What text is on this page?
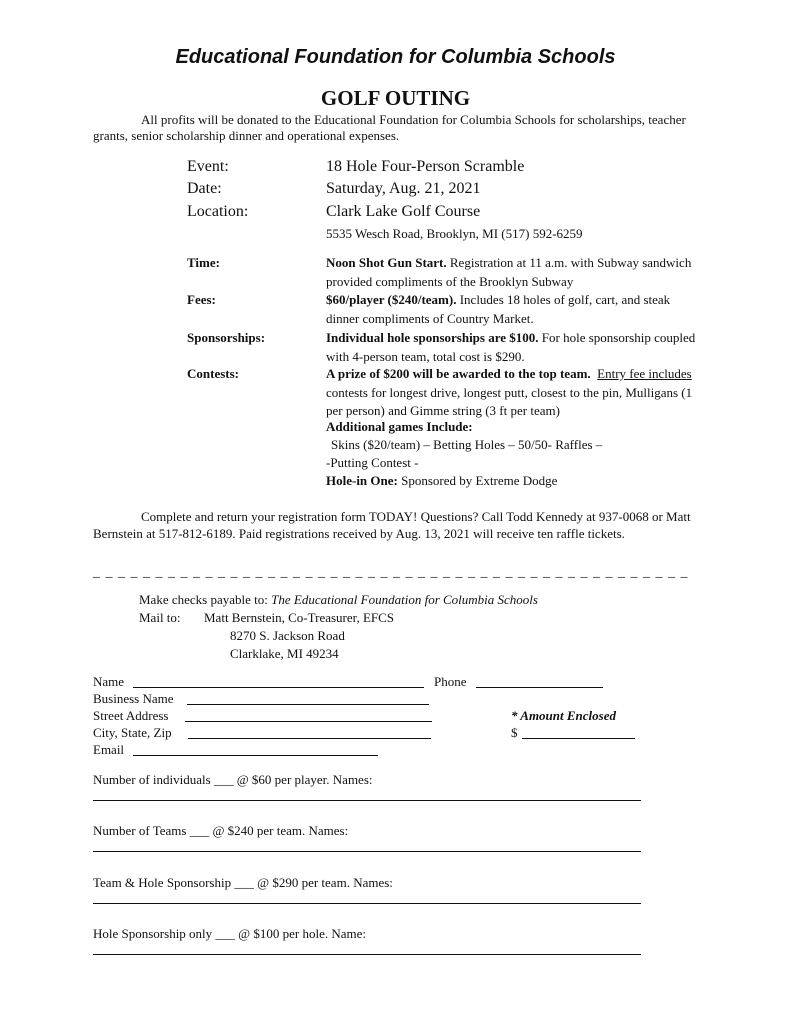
Educational Foundation for Columbia Schools
GOLF OUTING
All profits will be donated to the Educational Foundation for Columbia Schools for scholarships, teacher grants, senior scholarship dinner and operational expenses.
Event:	18 Hole Four-Person Scramble
Date:	Saturday, Aug. 21, 2021
Location:	Clark Lake Golf Course
5535 Wesch Road, Brooklyn, MI (517) 592-6259
Time:	Noon Shot Gun Start. Registration at 11 a.m. with Subway sandwich provided compliments of the Brooklyn Subway
Fees:	$60/player ($240/team). Includes 18 holes of golf, cart, and steak dinner compliments of Country Market.
Sponsorships:	Individual hole sponsorships are $100. For hole sponsorship coupled with 4-person team, total cost is $290.
Contests:	A prize of $200 will be awarded to the top team. Entry fee includes contests for longest drive, longest putt, closest to the pin, Mulligans (1 per person) and Gimme string (3 ft per team)
Additional games Include:
Skins ($20/team) – Betting Holes – 50/50- Raffles –
-Putting Contest -
Hole-in One: Sponsored by Extreme Dodge
Complete and return your registration form TODAY! Questions? Call Todd Kennedy at 937-0068 or Matt Bernstein at 517-812-6189. Paid registrations received by Aug. 13, 2021 will receive ten raffle tickets.
_ _ _ _ _ _ _ _ _ _ _ _ _ _ _ _ _ _ _ _ _ _ _ _ _ _ _ _ _ _ _ _ _ _ _ _ _ _ _ _ _ _ _ _ _ _ _ _
Make checks payable to: The Educational Foundation for Columbia Schools
Mail to: Matt Bernstein, Co-Treasurer, EFCS
8270 S. Jackson Road
Clarklake, MI 49234
Name	Phone
Business Name
Street Address	* Amount Enclosed
City, State, Zip	$
Email
Number of individuals ___ @ $60 per player. Names:
Number of Teams ___ @ $240 per team. Names:
Team & Hole Sponsorship ___ @ $290 per team. Names:
Hole Sponsorship only ___ @ $100 per hole. Name:
